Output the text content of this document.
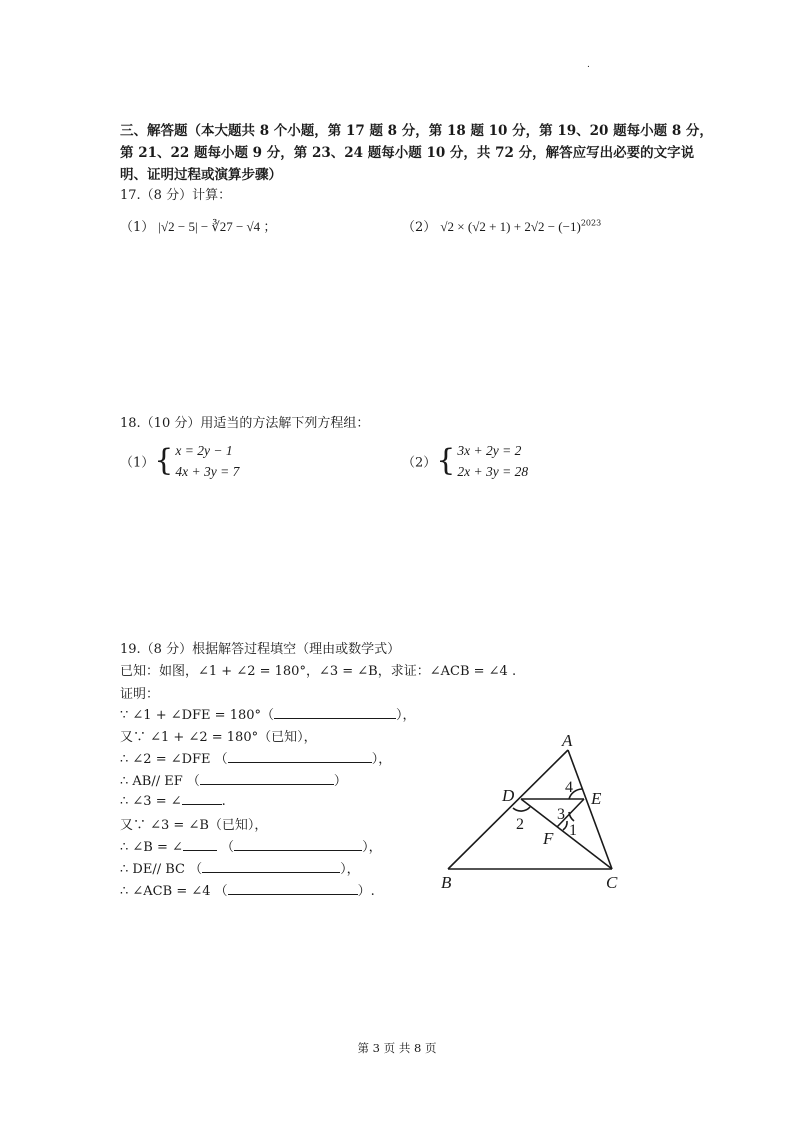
.
三、解答题（本大题共 8 个小题，第 17 题 8 分，第 18 题 10 分，第 19、20 题每小题 8 分，
第 21、22 题每小题 9 分，第 23、24 题每小题 10 分，共 72 分，解答应写出必要的文字说
明、证明过程或演算步骤）
17.（8 分）计算：
（1） |√2 − 5| − ∛27 − √4 ；	（2） $√2 \times (√2 + 1) + 2√2 - (-1)^{2023}$
18.（10 分）用适当的方法解下列方程组：
（1）{ x = 2y − 1
4x + 3y = 7
（2）{ 3x + 2y = 2
2x + 3y = 28
19.（8 分）根据解答过程填空（理由或数学式）
已知：如图，∠1 + ∠2 = 180°，∠3 = ∠B，求证：∠ACB = ∠4 .
证明：
∵ ∠1 + ∠DFE = 180°（	），
又∵ ∠1 + ∠2 = 180°（已知），
∴ ∠2 = ∠DFE （	），
∴ AB// EF （	）
∴ ∠3 = ∠	.
又∵ ∠3 = ∠B（已知），
∴ ∠B = ∠	（	），
∴ DE// BC （	），
∴ ∠ACB = ∠4 （	）.
A
B	C
D	E
F
4
3
1
2
第 3 页 共 8 页
